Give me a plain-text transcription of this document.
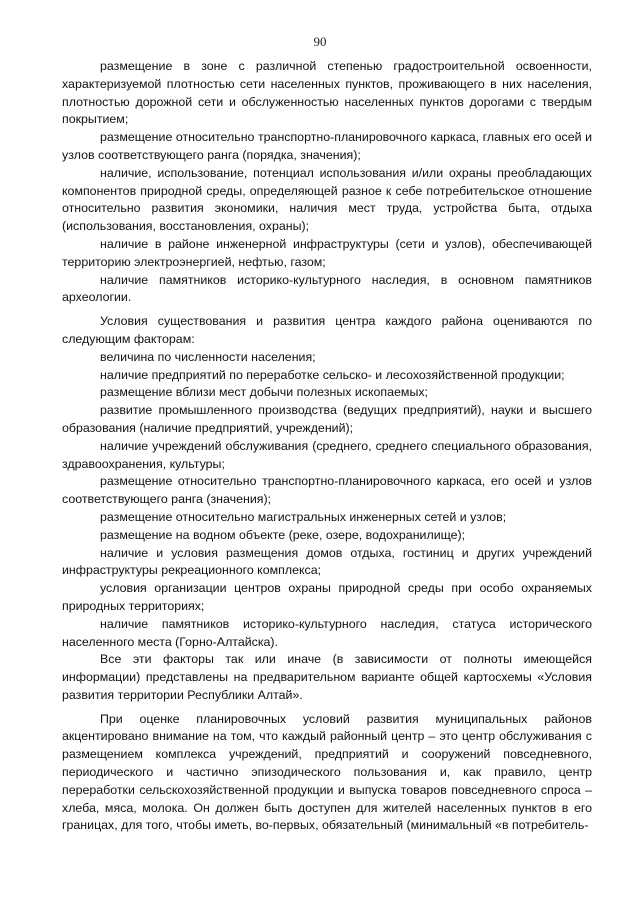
90

размещение в зоне с различной степенью градостроительной освоенности, характеризуемой плотностью сети населенных пунктов, проживающего в них населения, плотностью дорожной сети и обслуженностью населенных пунктов дорогами с твердым покрытием;

размещение относительно транспортно-планировочного каркаса, главных его осей и узлов соответствующего ранга (порядка, значения);

наличие, использование, потенциал использования и/или охраны преобладающих компонентов природной среды, определяющей разное к себе потребительское отношение относительно развития экономики, наличия мест труда, устройства быта, отдыха (использования, восстановления, охраны);

наличие в районе инженерной инфраструктуры (сети и узлов), обеспечивающей территорию электроэнергией, нефтью, газом;

наличие памятников историко-культурного наследия, в основном памятников археологии.

Условия существования и развития центра каждого района оцениваются по следующим факторам:

величина по численности населения;

наличие предприятий по переработке сельско- и лесохозяйственной продукции;

размещение вблизи мест добычи полезных ископаемых;

развитие промышленного производства (ведущих предприятий), науки и высшего образования (наличие предприятий, учреждений);

наличие учреждений обслуживания (среднего, среднего специального образования, здравоохранения, культуры;

размещение относительно транспортно-планировочного каркаса, его осей и узлов соответствующего ранга (значения);

размещение относительно магистральных инженерных сетей и узлов;

размещение на водном объекте (реке, озере, водохранилище);

наличие и условия размещения домов отдыха, гостиниц и других учреждений инфраструктуры рекреационного комплекса;

условия организации центров охраны природной среды при особо охраняемых природных территориях;

наличие памятников историко-культурного наследия, статуса исторического населенного места (Горно-Алтайска).

Все эти факторы так или иначе (в зависимости от полноты имеющейся информации) представлены на предварительном варианте общей картосхемы «Условия развития территории Республики Алтай».

При оценке планировочных условий развития муниципальных районов акцентировано внимание на том, что каждый районный центр – это центр обслуживания с размещением комплекса учреждений, предприятий и сооружений повседневного, периодического и частично эпизодического пользования и, как правило, центр переработки сельскохозяйственной продукции и выпуска товаров повседневного спроса – хлеба, мяса, молока. Он должен быть доступен для жителей населенных пунктов в его границах, для того, чтобы иметь, во-первых, обязательный (минимальный «в потребитель-
